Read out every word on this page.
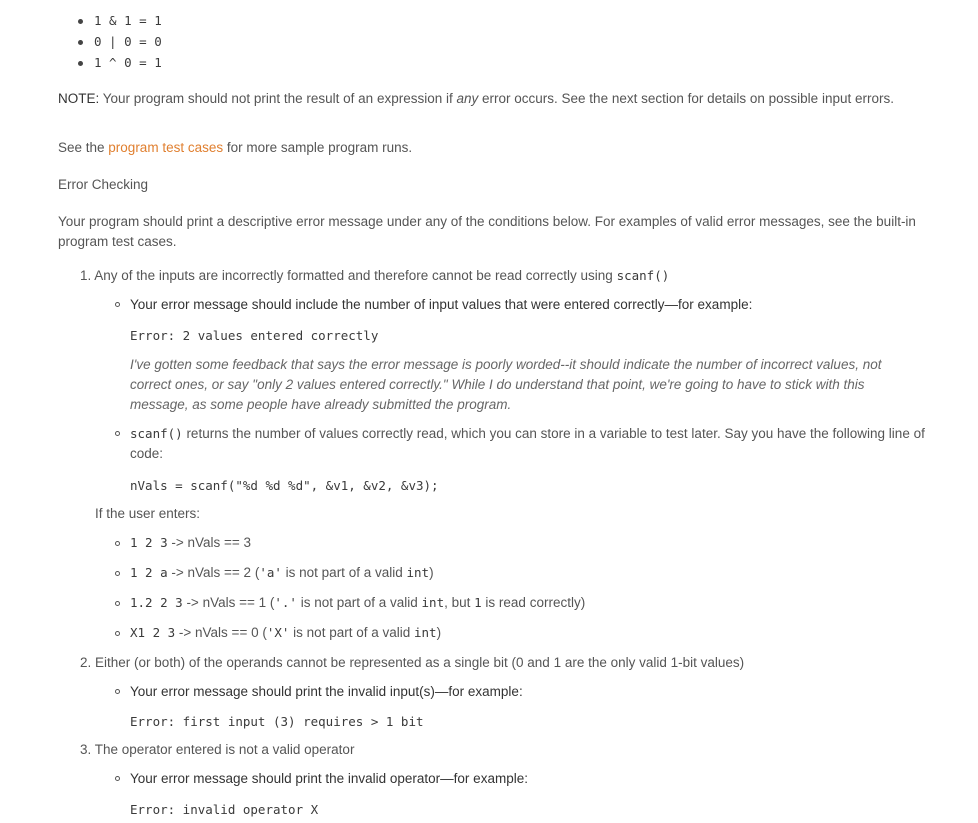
1 & 1 = 1
0 | 0 = 0
1 ^ 0 = 1
NOTE: Your program should not print the result of an expression if any error occurs. See the next section for details on possible input errors.
See the program test cases for more sample program runs.
Error Checking
Your program should print a descriptive error message under any of the conditions below. For examples of valid error messages, see the built-in program test cases.
1. Any of the inputs are incorrectly formatted and therefore cannot be read correctly using scanf()
Your error message should include the number of input values that were entered correctly—for example:
Error: 2 values entered correctly
I've gotten some feedback that says the error message is poorly worded--it should indicate the number of incorrect values, not correct ones, or say "only 2 values entered correctly." While I do understand that point, we're going to have to stick with this message, as some people have already submitted the program.
scanf() returns the number of values correctly read, which you can store in a variable to test later. Say you have the following line of code:
nVals = scanf("%d %d %d", &v1, &v2, &v3);
If the user enters:
1 2 3 -> nVals == 3
1 2 a -> nVals == 2 ('a' is not part of a valid int)
1.2 2 3 -> nVals == 1 ('.' is not part of a valid int, but 1 is read correctly)
X1 2 3 -> nVals == 0 ('X' is not part of a valid int)
2. Either (or both) of the operands cannot be represented as a single bit (0 and 1 are the only valid 1-bit values)
Your error message should print the invalid input(s)—for example:
Error: first input (3) requires > 1 bit
3. The operator entered is not a valid operator
Your error message should print the invalid operator—for example:
Error: invalid operator X
